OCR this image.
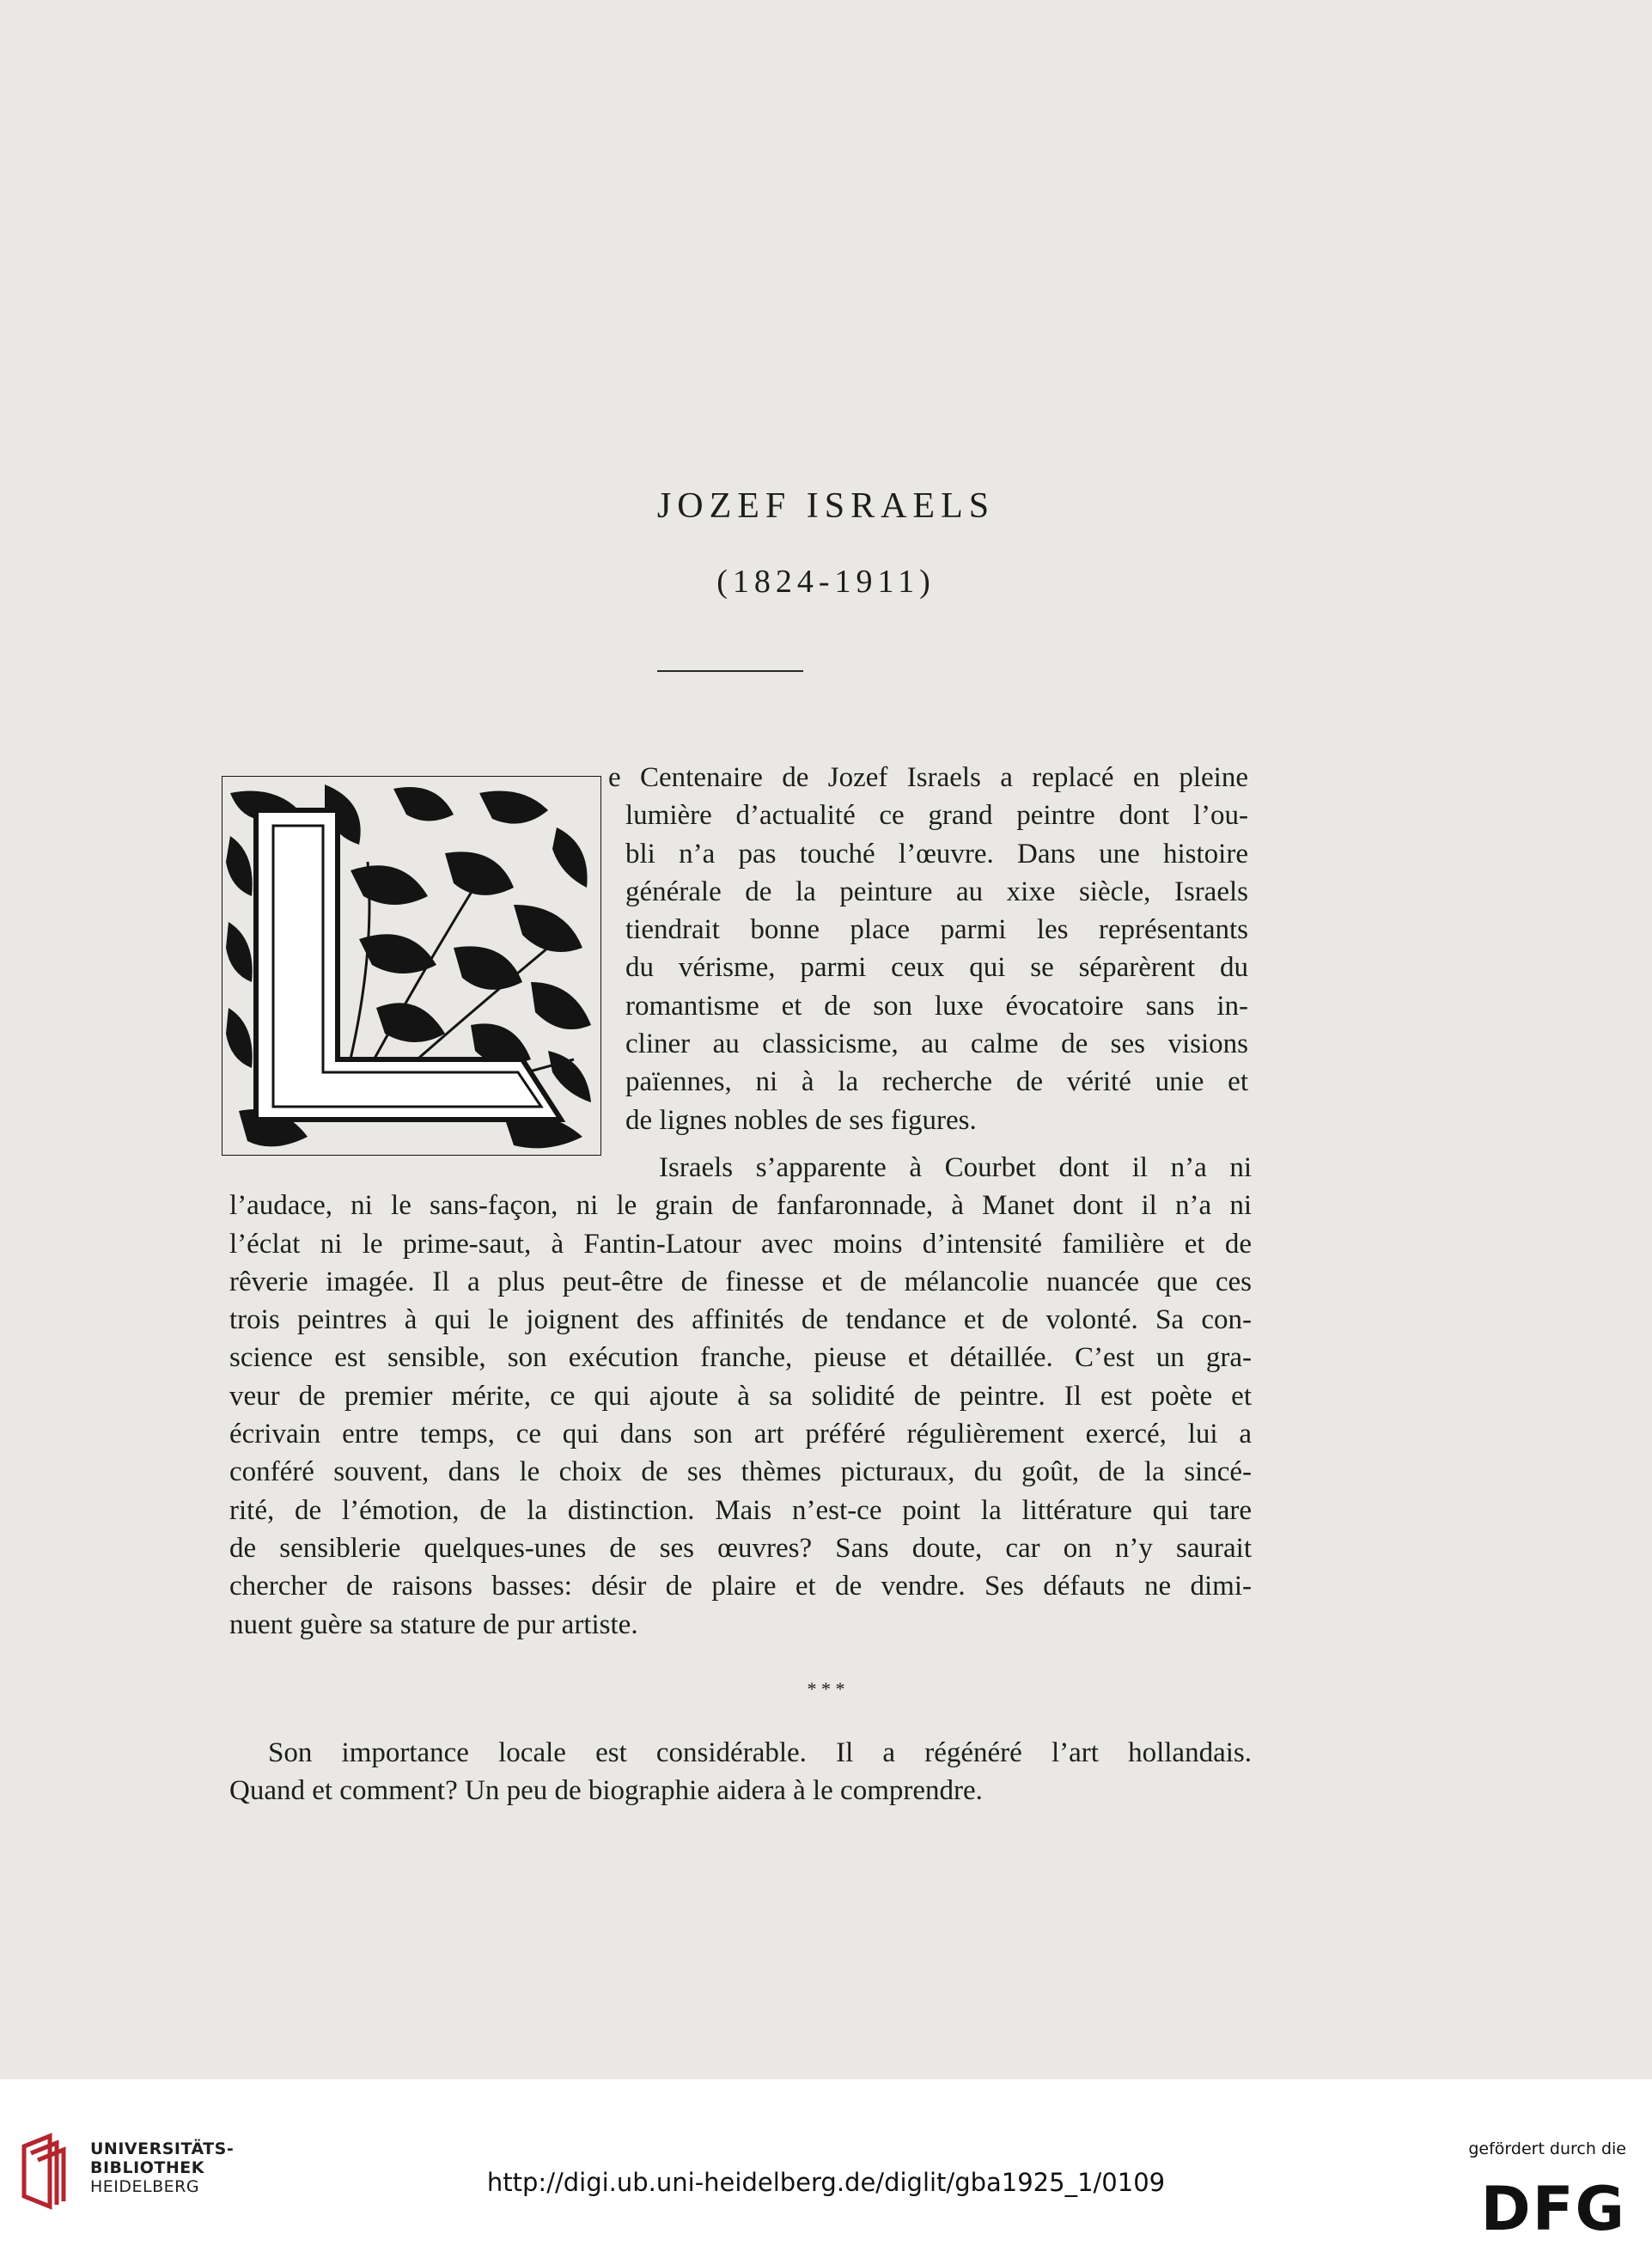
JOZEF ISRAELS
(1824-1911)
e Centenaire de Jozef Israels a replacé en pleine
lumière d’actualité ce grand peintre dont l’ou-
bli n’a pas touché l’œuvre. Dans une histoire
générale de la peinture au xixe siècle, Israels
tiendrait bonne place parmi les représentants
du vérisme, parmi ceux qui se séparèrent du
romantisme et de son luxe évocatoire sans in-
cliner au classicisme, au calme de ses visions
païennes, ni à la recherche de vérité unie et
de lignes nobles de ses figures.
Israels s’apparente à Courbet dont il n’a ni
l’audace, ni le sans-façon, ni le grain de fanfaronnade, à Manet dont il n’a ni
l’éclat ni le prime-saut, à Fantin-Latour avec moins d’intensité familière et de
rêverie imagée. Il a plus peut-être de finesse et de mélancolie nuancée que ces
trois peintres à qui le joignent des affinités de tendance et de volonté. Sa con-
science est sensible, son exécution franche, pieuse et détaillée. C’est un gra-
veur de premier mérite, ce qui ajoute à sa solidité de peintre. Il est poète et
écrivain entre temps, ce qui dans son art préféré régulièrement exercé, lui a
conféré souvent, dans le choix de ses thèmes picturaux, du goût, de la sincé-
rité, de l’émotion, de la distinction. Mais n’est-ce point la littérature qui tare
de sensiblerie quelques-unes de ses œuvres? Sans doute, car on n’y saurait
chercher de raisons basses: désir de plaire et de vendre. Ses défauts ne dimi-
nuent guère sa stature de pur artiste.
* * *
Son importance locale est considérable. Il a régénéré l’art hollandais.
Quand et comment? Un peu de biographie aidera à le comprendre.
UNIVERSITÄTS-
BIBLIOTHEK
HEIDELBERG	http://digi.ub.uni-heidelberg.de/diglit/gba1925_1/0109
gefördert durch die
DFG
